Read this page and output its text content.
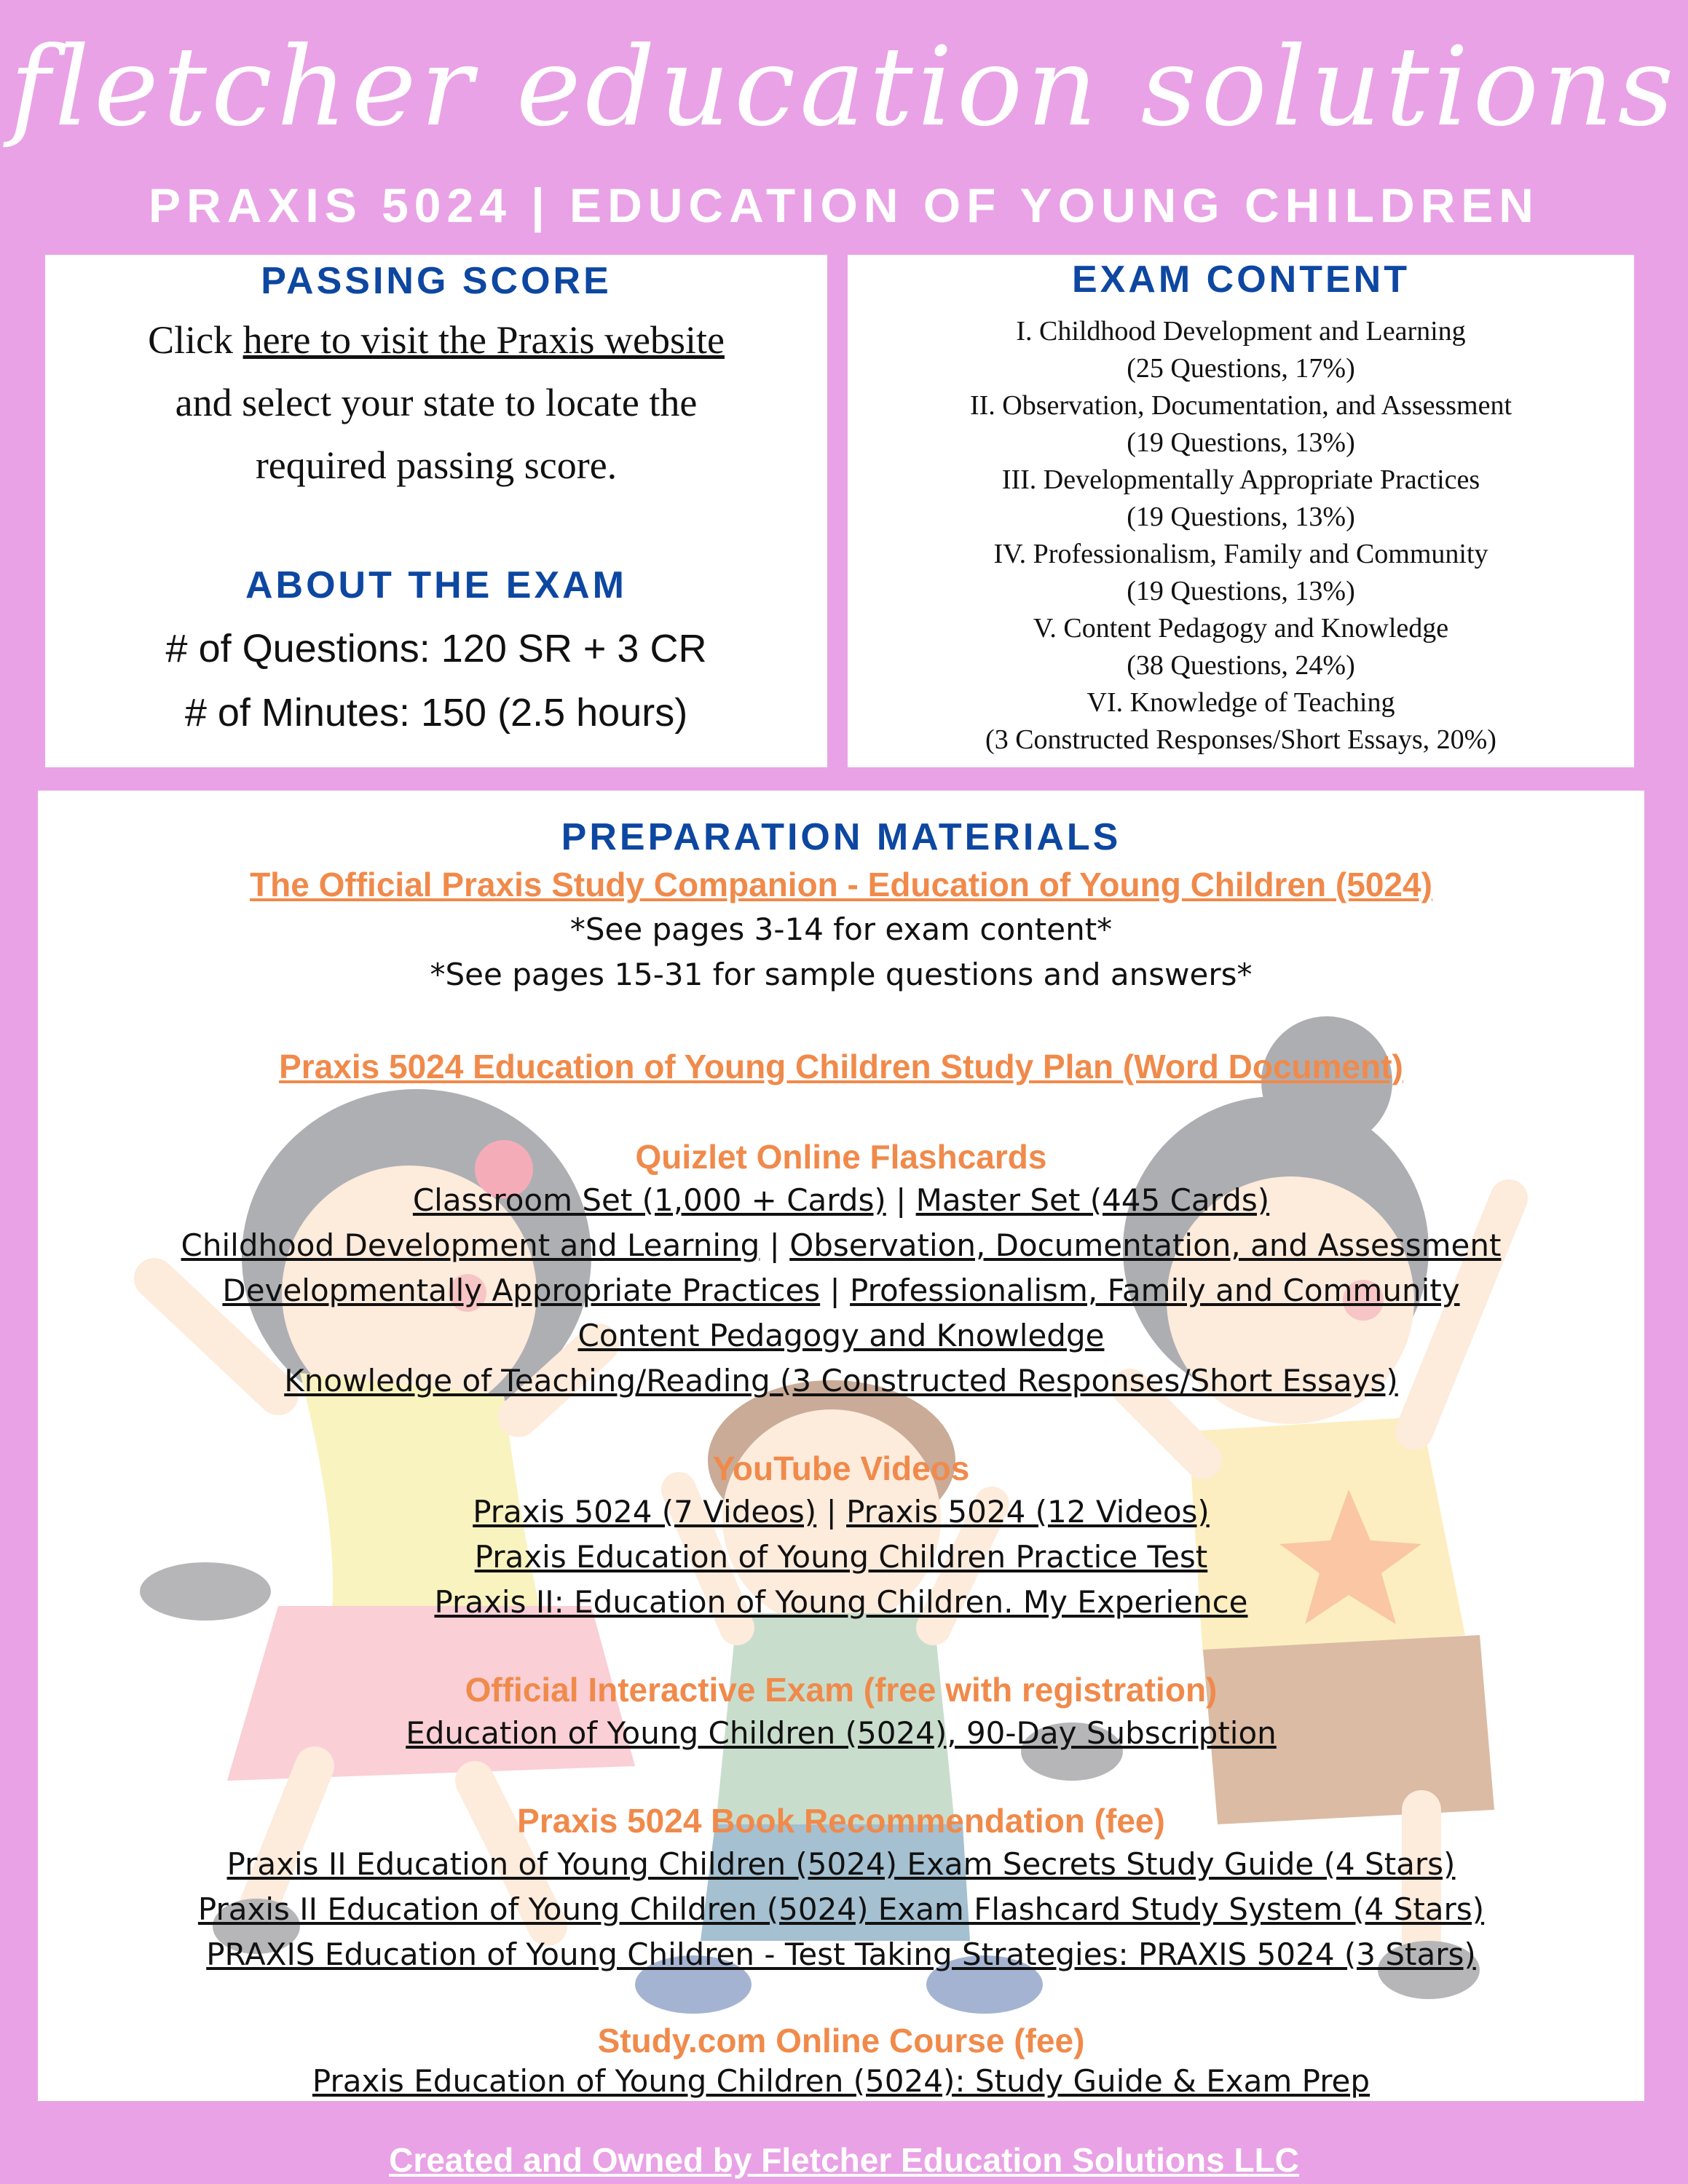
fletcher education solutions
PRAXIS 5024 | EDUCATION OF YOUNG CHILDREN
PASSING SCORE
Click here to visit the Praxis website
and select your state to locate the
required passing score.
ABOUT THE EXAM
# of Questions: 120 SR + 3 CR
# of Minutes: 150 (2.5 hours)
EXAM CONTENT
I. Childhood Development and Learning
(25 Questions, 17%)
II. Observation, Documentation, and Assessment
(19 Questions, 13%)
III. Developmentally Appropriate Practices
(19 Questions, 13%)
IV. Professionalism, Family and Community
(19 Questions, 13%)
V. Content Pedagogy and Knowledge
(38 Questions, 24%)
VI. Knowledge of Teaching
(3 Constructed Responses/Short Essays, 20%)
PREPARATION MATERIALS
The Official Praxis Study Companion - Education of Young Children (5024)
*See pages 3-14 for exam content*
*See pages 15-31 for sample questions and answers*
Praxis 5024 Education of Young Children Study Plan (Word Document)
Quizlet Online Flashcards
Classroom Set (1,000 + Cards) | Master Set (445 Cards)
Childhood Development and Learning | Observation, Documentation, and Assessment
Developmentally Appropriate Practices | Professionalism, Family and Community
Content Pedagogy and Knowledge
Knowledge of Teaching/Reading (3 Constructed Responses/Short Essays)
YouTube Videos
Praxis 5024 (7 Videos) | Praxis 5024 (12 Videos)
Praxis Education of Young Children Practice Test
Praxis II: Education of Young Children. My Experience
Official Interactive Exam (free with registration)
Education of Young Children (5024), 90-Day Subscription
Praxis 5024 Book Recommendation (fee)
Praxis II Education of Young Children (5024) Exam Secrets Study Guide (4 Stars)
Praxis II Education of Young Children (5024) Exam Flashcard Study System (4 Stars)
PRAXIS Education of Young Children - Test Taking Strategies: PRAXIS 5024 (3 Stars)
Study.com Online Course (fee)
Praxis Education of Young Children (5024): Study Guide & Exam Prep
Created and Owned by Fletcher Education Solutions LLC
